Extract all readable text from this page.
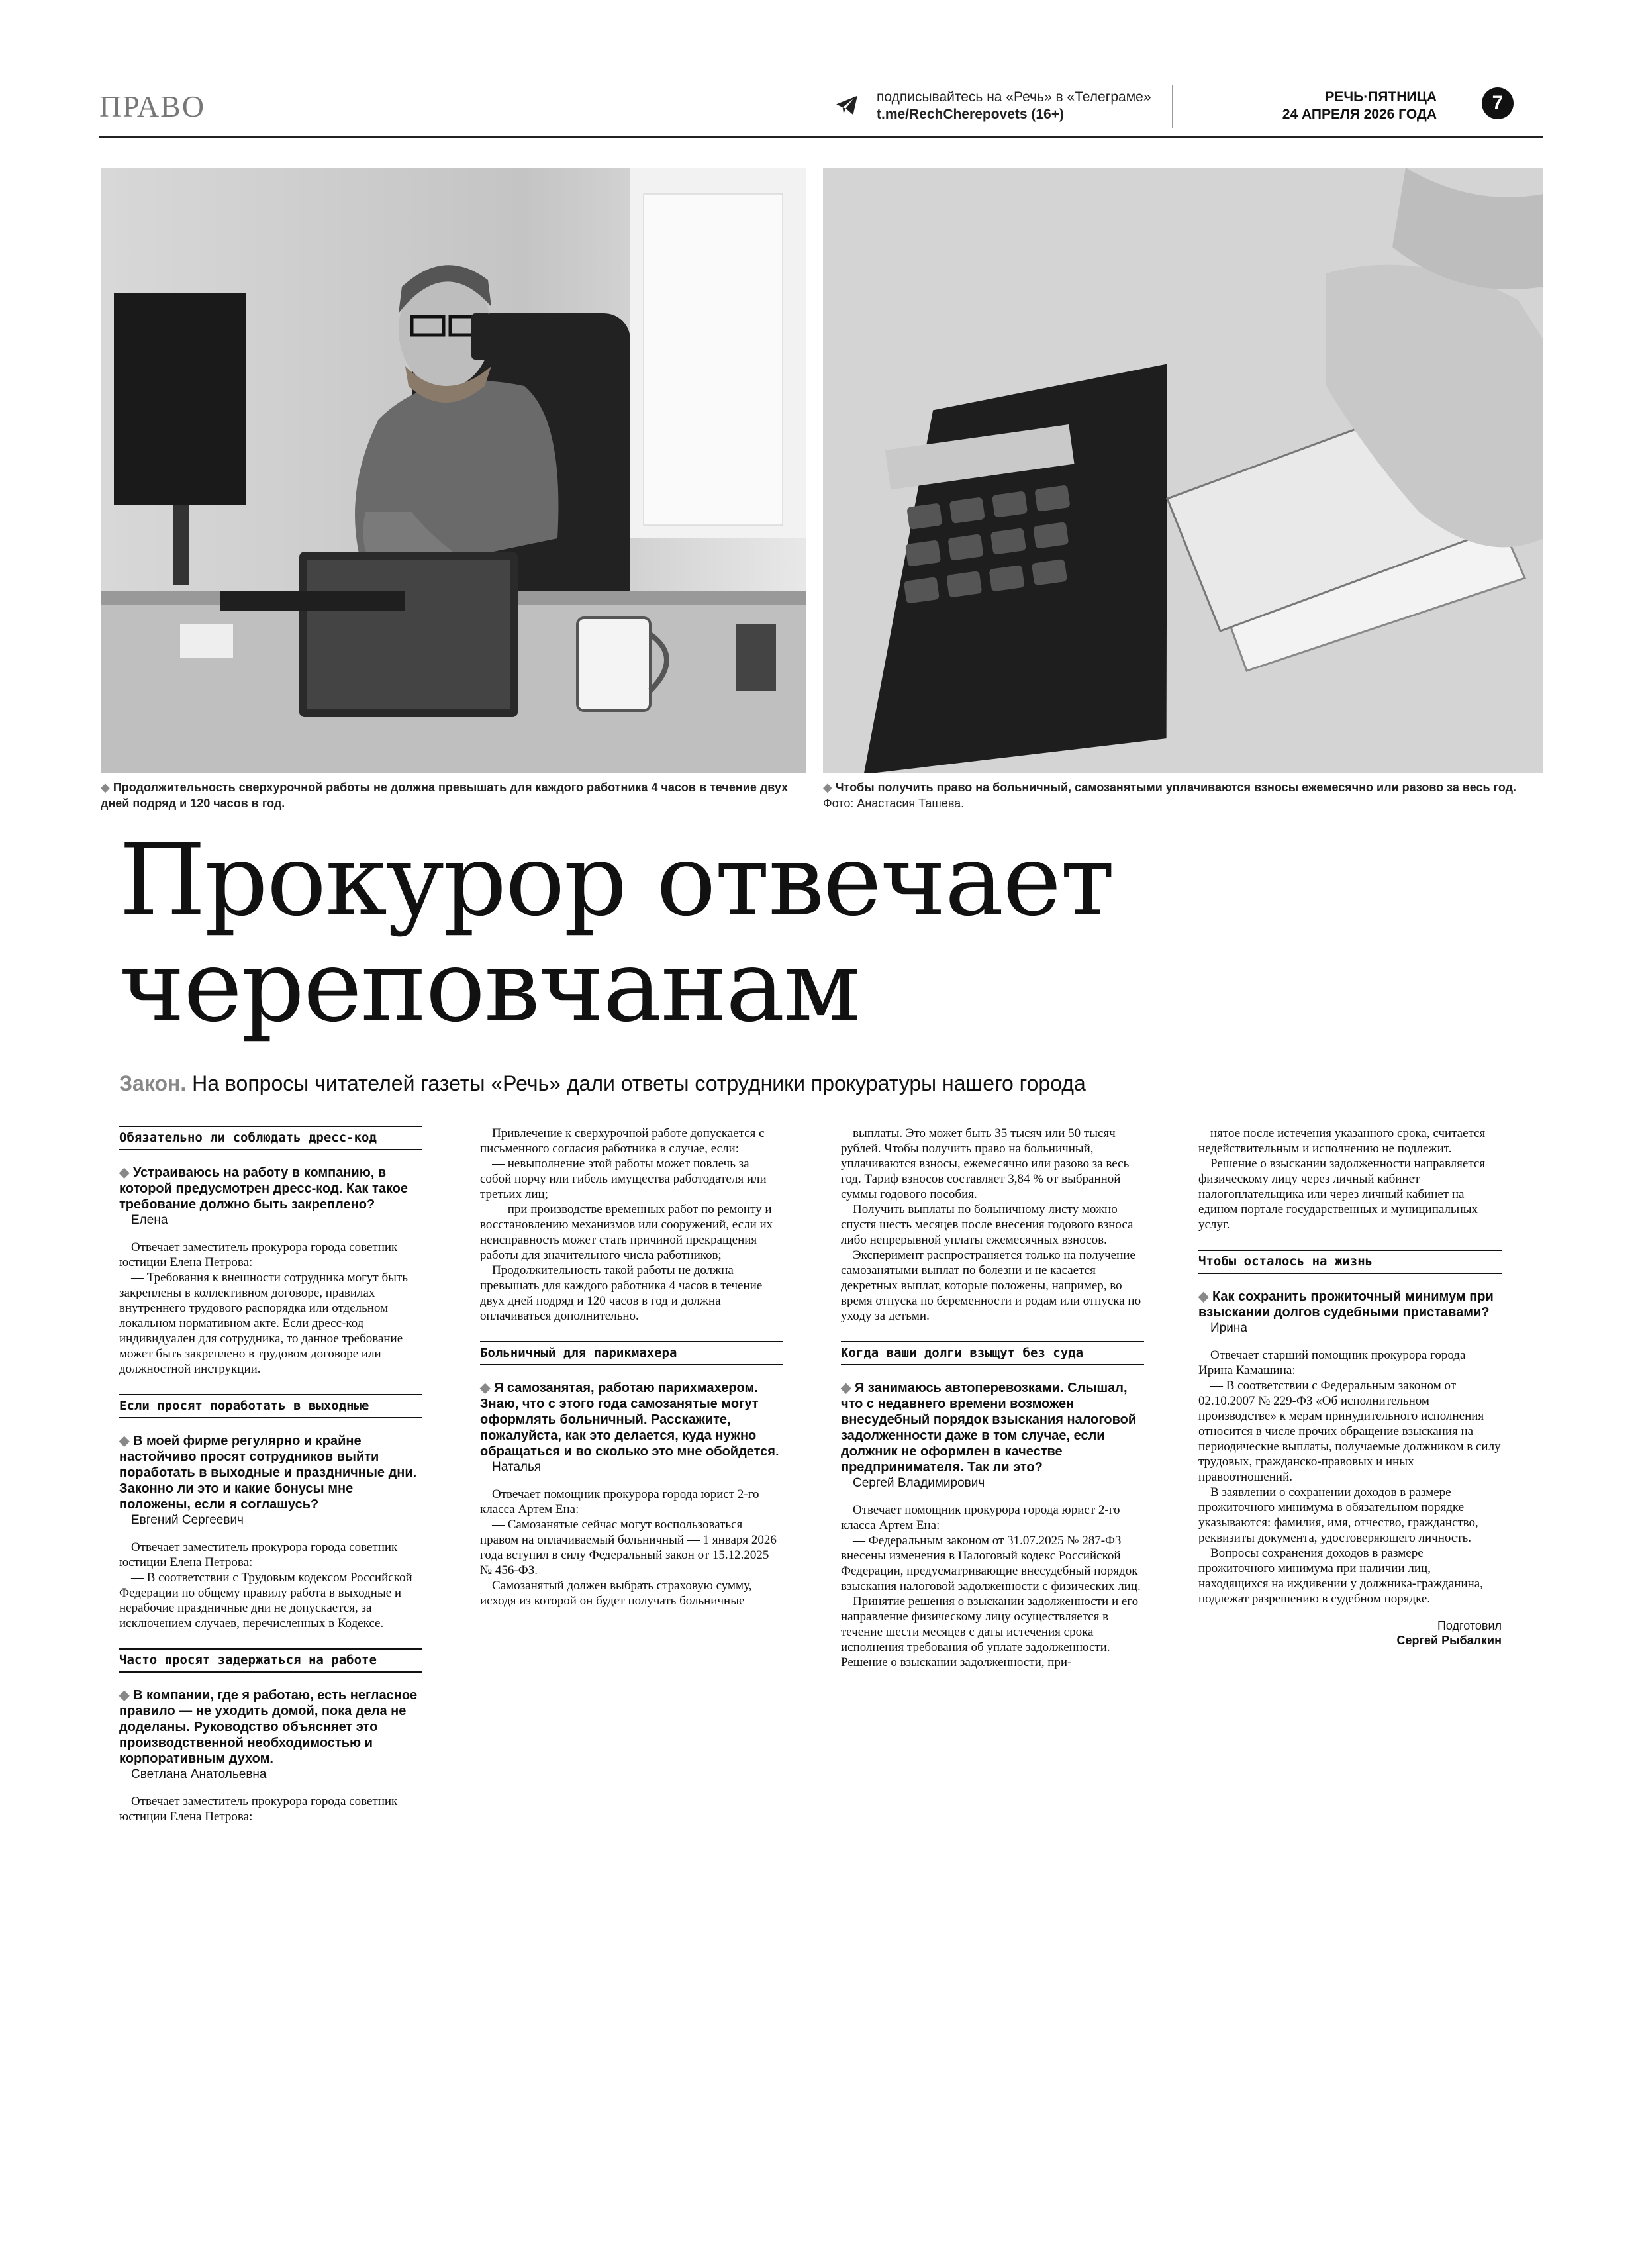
ПРАВО	подписывайтесь на «Речь» в «Телеграме»
t.me/RechCherepovets (16+)
РЕЧЬ·ПЯТНИЦА
24 АПРЕЛЯ 2026 ГОДА
7
◆ Продолжительность сверхурочной работы не должна превышать для каждого работника 4 часов в течение двух дней подряд и 120 часов в год.
◆ Чтобы получить право на больничный, самозанятыми уплачиваются взносы ежемесячно или разово за весь год.
Фото: Анастасия Ташева.
Прокурор отвечает
череповчанам
Закон. На вопросы читателей газеты «Речь» дали ответы сотрудники прокуратуры нашего города
Обязательно ли соблюдать дресс-код

◆ Устраиваюсь на работу в компанию, в которой предусмотрен дресс-код. Как такое требование должно быть закреплено?

Елена

Отвечает заместитель прокурора города советник юстиции Елена Петрова:

— Требования к внешности сотрудника могут быть закреплены в коллективном договоре, правилах внутреннего трудового распорядка или отдельном локальном нормативном акте. Если дресс-код индивидуален для сотрудника, то данное требование может быть закреплено в трудовом договоре или должностной инструкции.

Если просят поработать в выходные

◆ В моей фирме регулярно и крайне настойчиво просят сотрудников выйти поработать в выходные и праздничные дни. Законно ли это и какие бонусы мне положены, если я соглашусь?

Евгений Сергеевич

Отвечает заместитель прокурора города советник юстиции Елена Петрова:

— В соответствии с Трудовым кодексом Российской Федерации по общему правилу работа в выходные и нерабочие праздничные дни не допускается, за исключением случаев, перечисленных в Кодексе.

Часто просят задержаться на работе

◆ В компании, где я работаю, есть негласное правило — не уходить домой, пока дела не доделаны. Руководство объясняет это производственной необходимостью и корпоративным духом.

Светлана Анатольевна

Отвечает заместитель прокурора города советник юстиции Елена Петрова:

Привлечение к сверхурочной работе допускается с письменного согласия работника в случае, если:

— невыполнение этой работы может повлечь за собой порчу или гибель имущества работодателя или третьих лиц;

— при производстве временных работ по ремонту и восстановлению механизмов или сооружений, если их неисправность может стать причиной прекращения работы для значительного числа работников;

Продолжительность такой работы не должна превышать для каждого работника 4 часов в течение двух дней подряд и 120 часов в год и должна оплачиваться дополнительно.

Больничный для парикмахера

◆ Я самозанятая, работаю парихмахером. Знаю, что с этого года самозанятые могут оформлять больничный. Расскажите, пожалуйста, как это делается, куда нужно обращаться и во сколько это мне обойдется.

Наталья

Отвечает помощник прокурора города юрист 2-го класса Артем Ена:

— Самозанятые сейчас могут воспользоваться правом на оплачиваемый больничный — 1 января 2026 года вступил в силу Федеральный закон от 15.12.2025 № 456-ФЗ.

Самозанятый должен выбрать страховую сумму, исходя из которой он будет получать больничные

выплаты. Это может быть 35 тысяч или 50 тысяч рублей. Чтобы получить право на больничный, уплачиваются взносы, ежемесячно или разово за весь год. Тариф взносов составляет 3,84 % от выбранной суммы годового пособия.

Получить выплаты по больничному листу можно спустя шесть месяцев после внесения годового взноса либо непрерывной уплаты ежемесячных взносов.

Эксперимент распространяется только на получение самозанятыми выплат по болезни и не касается декретных выплат, которые положены, например, во время отпуска по беременности и родам или отпуска по уходу за детьми.

Когда ваши долги взыщут без суда

◆ Я занимаюсь автоперевозками. Слышал, что с недавнего времени возможен внесудебный порядок взыскания налоговой задолженности даже в том случае, если должник не оформлен в качестве предпринимателя. Так ли это?

Сергей Владимирович

Отвечает помощник прокурора города юрист 2-го класса Артем Ена:

— Федеральным законом от 31.07.2025 № 287-ФЗ внесены изменения в Налоговый кодекс Российской Федерации, предусматривающие внесудебный порядок взыскания налоговой задолженности с физических лиц.

Принятие решения о взыскании задолженности и его направление физическому лицу осуществляется в течение шести месяцев с даты истечения срока исполнения требования об уплате задолженности. Решение о взыскании задолженности, при-

нятое после истечения указанного срока, считается недействительным и исполнению не подлежит.

Решение о взыскании задолженности направляется физическому лицу через личный кабинет налогоплательщика или через личный кабинет на едином портале государственных и муниципальных услуг.

Чтобы осталось на жизнь

◆ Как сохранить прожиточный минимум при взыскании долгов судебными приставами?

Ирина

Отвечает старший помощник прокурора города Ирина Камашина:

— В соответствии с Федеральным законом от 02.10.2007 № 229-ФЗ «Об исполнительном производстве» к мерам принудительного исполнения относится в числе прочих обращение взыскания на периодические выплаты, получаемые должником в силу трудовых, гражданско-правовых и иных правоотношений.

В заявлении о сохранении доходов в размере прожиточного минимума в обязательном порядке указываются: фамилия, имя, отчество, гражданство, реквизиты документа, удостоверяющего личность.

Вопросы сохранения доходов в размере прожиточного минимума при наличии лиц, находящихся на иждивении у должника-гражданина, подлежат разрешению в судебном порядке.

Подготовил
Сергей Рыбалкин
